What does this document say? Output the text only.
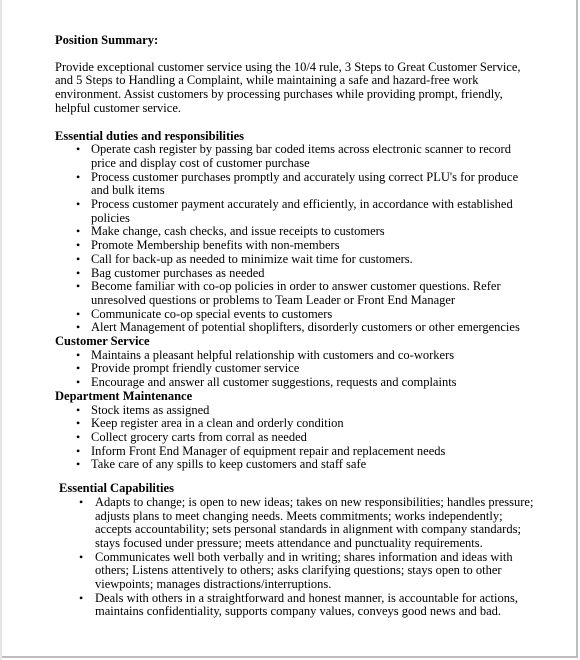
Position Summary:
Provide exceptional customer service using the 10/4 rule, 3 Steps to Great Customer Service, and 5 Steps to Handling a Complaint, while maintaining a safe and hazard-free work environment. Assist customers by processing purchases while providing prompt, friendly, helpful customer service.
Essential duties and responsibilities
• Operate cash register by passing bar coded items across electronic scanner to record price and display cost of customer purchase
• Process customer purchases promptly and accurately using correct PLU's for produce and bulk items
• Process customer payment accurately and efficiently, in accordance with established policies
• Make change, cash checks, and issue receipts to customers
• Promote Membership benefits with non-members
• Call for back-up as needed to minimize wait time for customers.
• Bag customer purchases as needed
• Become familiar with co-op policies in order to answer customer questions. Refer unresolved questions or problems to Team Leader or Front End Manager
• Communicate co-op special events to customers
• Alert Management of potential shoplifters, disorderly customers or other emergencies
Customer Service
• Maintains a pleasant helpful relationship with customers and co-workers
• Provide prompt friendly customer service
• Encourage and answer all customer suggestions, requests and complaints
Department Maintenance
• Stock items as assigned
• Keep register area in a clean and orderly condition
• Collect grocery carts from corral as needed
• Inform Front End Manager of equipment repair and replacement needs
• Take care of any spills to keep customers and staff safe
Essential Capabilities
• Adapts to change; is open to new ideas; takes on new responsibilities; handles pressure; adjusts plans to meet changing needs. Meets commitments; works independently; accepts accountability; sets personal standards in alignment with company standards; stays focused under pressure; meets attendance and punctuality requirements.
• Communicates well both verbally and in writing; shares information and ideas with others; Listens attentively to others; asks clarifying questions; stays open to other viewpoints; manages distractions/interruptions.
• Deals with others in a straightforward and honest manner, is accountable for actions, maintains confidentiality, supports company values, conveys good news and bad.
